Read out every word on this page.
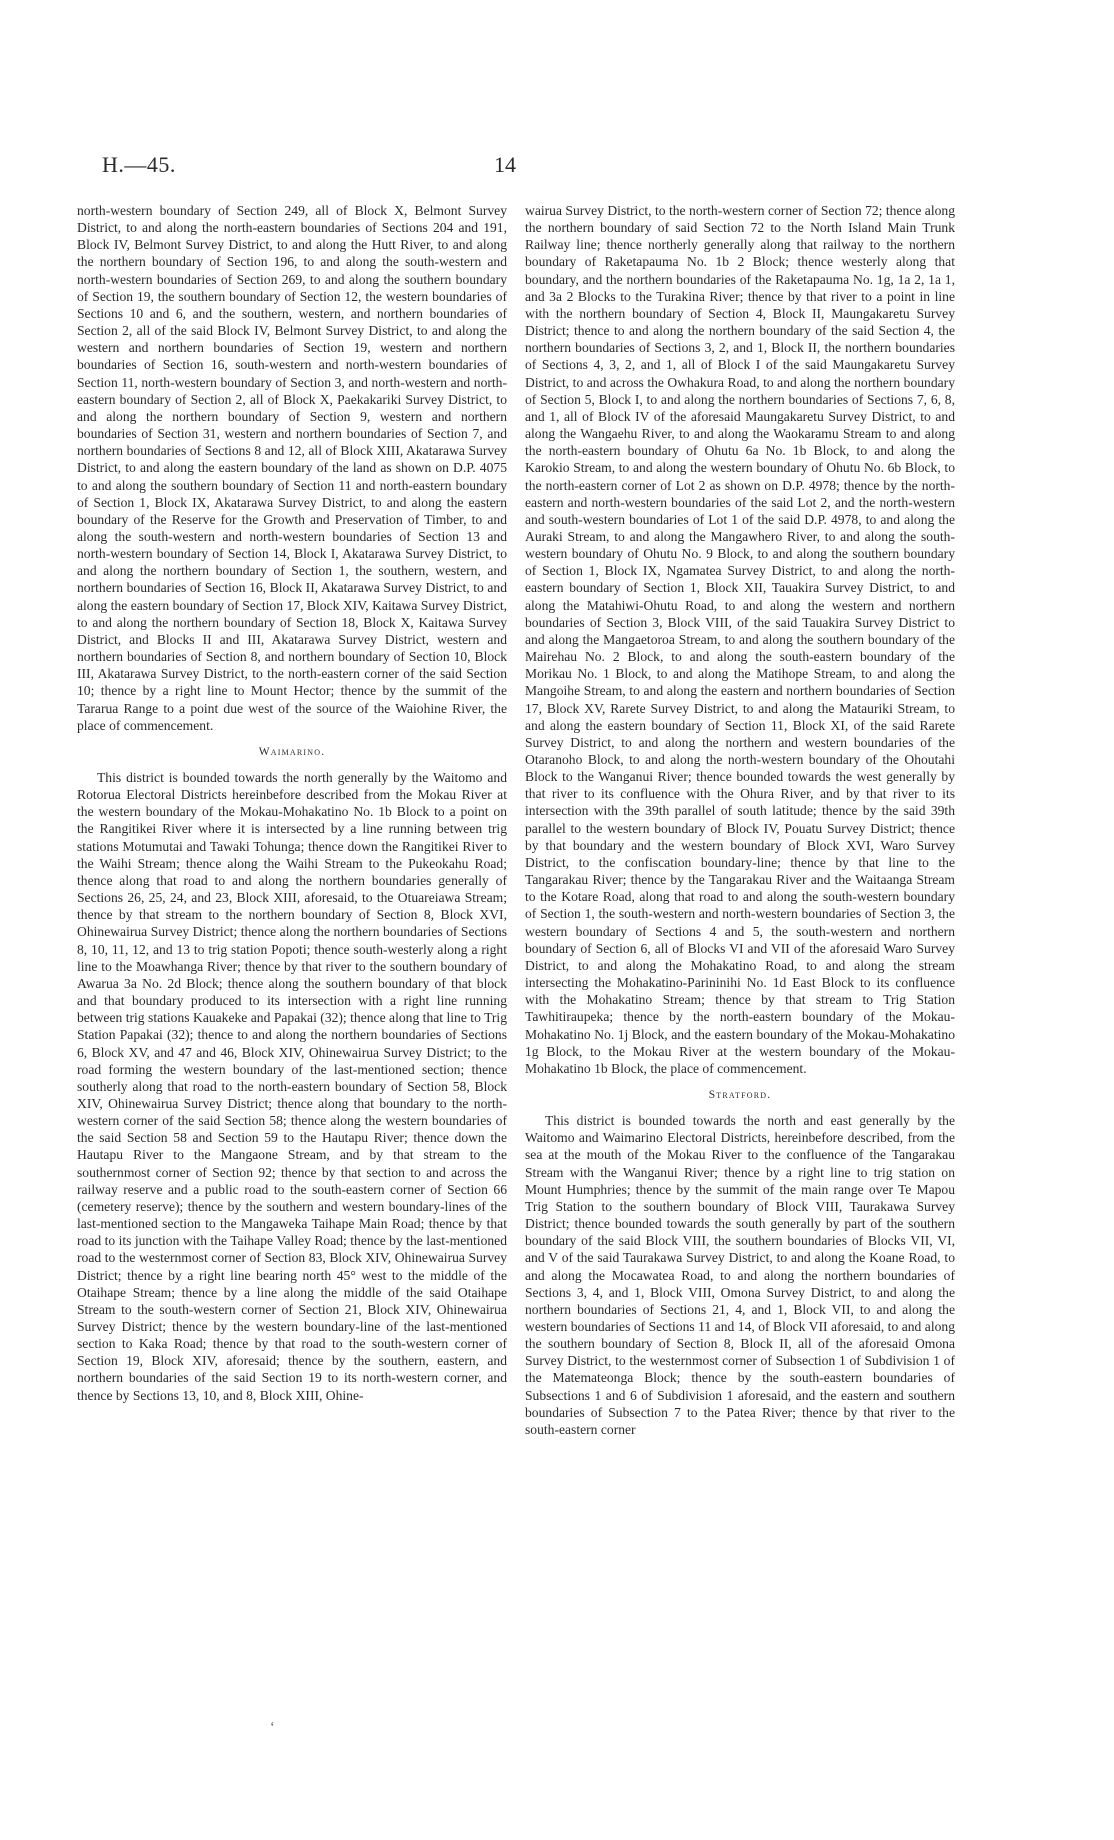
H.—45.	14

north-western boundary of Section 249, all of Block X, Belmont Survey District, to and along the north-eastern boundaries of Sections 204 and 191, Block IV, Belmont Survey District, to and along the Hutt River, to and along the northern boundary of Section 196, to and along the south-western and north-western boundaries of Section 269, to and along the southern boundary of Section 19, the southern boundary of Section 12, the western boundaries of Sections 10 and 6, and the southern, western, and northern boundaries of Section 2, all of the said Block IV, Belmont Survey District, to and along the western and northern boundaries of Section 19, western and northern boundaries of Section 16, south-western and north-western boundaries of Section 11, north-western boundary of Section 3, and north-western and north-eastern boundary of Section 2, all of Block X, Paekakariki Survey District, to and along the northern boundary of Section 9, western and northern boundaries of Section 31, western and northern boundaries of Section 7, and northern boundaries of Sections 8 and 12, all of Block XIII, Akatarawa Survey District, to and along the eastern boundary of the land as shown on D.P. 4075 to and along the southern boundary of Section 11 and north-eastern boundary of Section 1, Block IX, Akatarawa Survey District, to and along the eastern boundary of the Reserve for the Growth and Preservation of Timber, to and along the south-western and north-western boundaries of Section 13 and north-western boundary of Section 14, Block I, Akatarawa Survey District, to and along the northern boundary of Section 1, the southern, western, and northern boundaries of Section 16, Block II, Akatarawa Survey District, to and along the eastern boundary of Section 17, Block XIV, Kaitawa Survey District, to and along the northern boundary of Section 18, Block X, Kaitawa Survey District, and Blocks II and III, Akatarawa Survey District, western and northern boundaries of Section 8, and northern boundary of Section 10, Block III, Akatarawa Survey District, to the north-eastern corner of the said Section 10; thence by a right line to Mount Hector; thence by the summit of the Tararua Range to a point due west of the source of the Waiohine River, the place of commencement.

Waimarino.

This district is bounded towards the north generally by the Waitomo and Rotorua Electoral Districts hereinbefore described from the Mokau River at the western boundary of the Mokau-Mohakatino No. 1b Block to a point on the Rangitikei River where it is intersected by a line running between trig stations Motumutai and Tawaki Tohunga; thence down the Rangitikei River to the Waihi Stream; thence along the Waihi Stream to the Pukeokahu Road; thence along that road to and along the northern boundaries generally of Sections 26, 25, 24, and 23, Block XIII, aforesaid, to the Otuareiawa Stream; thence by that stream to the northern boundary of Section 8, Block XVI, Ohinewairua Survey District; thence along the northern boundaries of Sections 8, 10, 11, 12, and 13 to trig station Popoti; thence south-westerly along a right line to the Moawhanga River; thence by that river to the southern boundary of Awarua 3a No. 2d Block; thence along the southern boundary of that block and that boundary produced to its intersection with a right line running between trig stations Kauakeke and Papakai (32); thence along that line to Trig Station Papakai (32); thence to and along the northern boundaries of Sections 6, Block XV, and 47 and 46, Block XIV, Ohinewairua Survey District; to the road forming the western boundary of the last-mentioned section; thence southerly along that road to the north-eastern boundary of Section 58, Block XIV, Ohinewairua Survey District; thence along that boundary to the north-western corner of the said Section 58; thence along the western boundaries of the said Section 58 and Section 59 to the Hautapu River; thence down the Hautapu River to the Mangaone Stream, and by that stream to the southernmost corner of Section 92; thence by that section to and across the railway reserve and a public road to the south-eastern corner of Section 66 (cemetery reserve); thence by the southern and western boundary-lines of the last-mentioned section to the Mangaweka Taihape Main Road; thence by that road to its junction with the Taihape Valley Road; thence by the last-mentioned road to the westernmost corner of Section 83, Block XIV, Ohinewairua Survey District; thence by a right line bearing north 45° west to the middle of the Otaihape Stream; thence by a line along the middle of the said Otaihape Stream to the south-western corner of Section 21, Block XIV, Ohinewairua Survey District; thence by the western boundary-line of the last-mentioned section to Kaka Road; thence by that road to the south-western corner of Section 19, Block XIV, aforesaid; thence by the southern, eastern, and northern boundaries of the said Section 19 to its north-western corner, and thence by Sections 13, 10, and 8, Block XIII, Ohine-

wairua Survey District, to the north-western corner of Section 72; thence along the northern boundary of said Section 72 to the North Island Main Trunk Railway line; thence northerly generally along that railway to the northern boundary of Raketapauma No. 1b 2 Block; thence westerly along that boundary, and the northern boundaries of the Raketapauma No. 1g, 1a 2, 1a 1, and 3a 2 Blocks to the Turakina River; thence by that river to a point in line with the northern boundary of Section 4, Block II, Maungakaretu Survey District; thence to and along the northern boundary of the said Section 4, the northern boundaries of Sections 3, 2, and 1, Block II, the northern boundaries of Sections 4, 3, 2, and 1, all of Block I of the said Maungakaretu Survey District, to and across the Owhakura Road, to and along the northern boundary of Section 5, Block I, to and along the northern boundaries of Sections 7, 6, 8, and 1, all of Block IV of the aforesaid Maungakaretu Survey District, to and along the Wangaehu River, to and along the Waokaramu Stream to and along the north-eastern boundary of Ohutu 6a No. 1b Block, to and along the Karokio Stream, to and along the western boundary of Ohutu No. 6b Block, to the north-eastern corner of Lot 2 as shown on D.P. 4978; thence by the north-eastern and north-western boundaries of the said Lot 2, and the north-western and south-western boundaries of Lot 1 of the said D.P. 4978, to and along the Auraki Stream, to and along the Mangawhero River, to and along the south-western boundary of Ohutu No. 9 Block, to and along the southern boundary of Section 1, Block IX, Ngamatea Survey District, to and along the north-eastern boundary of Section 1, Block XII, Tauakira Survey District, to and along the Matahiwi-Ohutu Road, to and along the western and northern boundaries of Section 3, Block VIII, of the said Tauakira Survey District to and along the Mangaetoroa Stream, to and along the southern boundary of the Mairehau No. 2 Block, to and along the south-eastern boundary of the Morikau No. 1 Block, to and along the Matihope Stream, to and along the Mangoihe Stream, to and along the eastern and northern boundaries of Section 17, Block XV, Rarete Survey District, to and along the Matauriki Stream, to and along the eastern boundary of Section 11, Block XI, of the said Rarete Survey District, to and along the northern and western boundaries of the Otaranoho Block, to and along the north-western boundary of the Ohoutahi Block to the Wanganui River; thence bounded towards the west generally by that river to its confluence with the Ohura River, and by that river to its intersection with the 39th parallel of south latitude; thence by the said 39th parallel to the western boundary of Block IV, Pouatu Survey District; thence by that boundary and the western boundary of Block XVI, Waro Survey District, to the confiscation boundary-line; thence by that line to the Tangarakau River; thence by the Tangarakau River and the Waitaanga Stream to the Kotare Road, along that road to and along the south-western boundary of Section 1, the south-western and north-western boundaries of Section 3, the western boundary of Sections 4 and 5, the south-western and northern boundary of Section 6, all of Blocks VI and VII of the aforesaid Waro Survey District, to and along the Mohakatino Road, to and along the stream intersecting the Mohakatino-Parininihi No. 1d East Block to its confluence with the Mohakatino Stream; thence by that stream to Trig Station Tawhitiraupeka; thence by the north-eastern boundary of the Mokau-Mohakatino No. 1j Block, and the eastern boundary of the Mokau-Mohakatino 1g Block, to the Mokau River at the western boundary of the Mokau-Mohakatino 1b Block, the place of commencement.

Stratford.

This district is bounded towards the north and east generally by the Waitomo and Waimarino Electoral Districts, hereinbefore described, from the sea at the mouth of the Mokau River to the confluence of the Tangarakau Stream with the Wanganui River; thence by a right line to trig station on Mount Humphries; thence by the summit of the main range over Te Mapou Trig Station to the southern boundary of Block VIII, Taurakawa Survey District; thence bounded towards the south generally by part of the southern boundary of the said Block VIII, the southern boundaries of Blocks VII, VI, and V of the said Taurakawa Survey District, to and along the Koane Road, to and along the Mocawatea Road, to and along the northern boundaries of Sections 3, 4, and 1, Block VIII, Omona Survey District, to and along the northern boundaries of Sections 21, 4, and 1, Block VII, to and along the western boundaries of Sections 11 and 14, of Block VII aforesaid, to and along the southern boundary of Section 8, Block II, all of the aforesaid Omona Survey District, to the westernmost corner of Subsection 1 of Subdivision 1 of the Matemateonga Block; thence by the south-eastern boundaries of Subsections 1 and 6 of Subdivision 1 aforesaid, and the eastern and southern boundaries of Subsection 7 to the Patea River; thence by that river to the south-eastern corner

‘
